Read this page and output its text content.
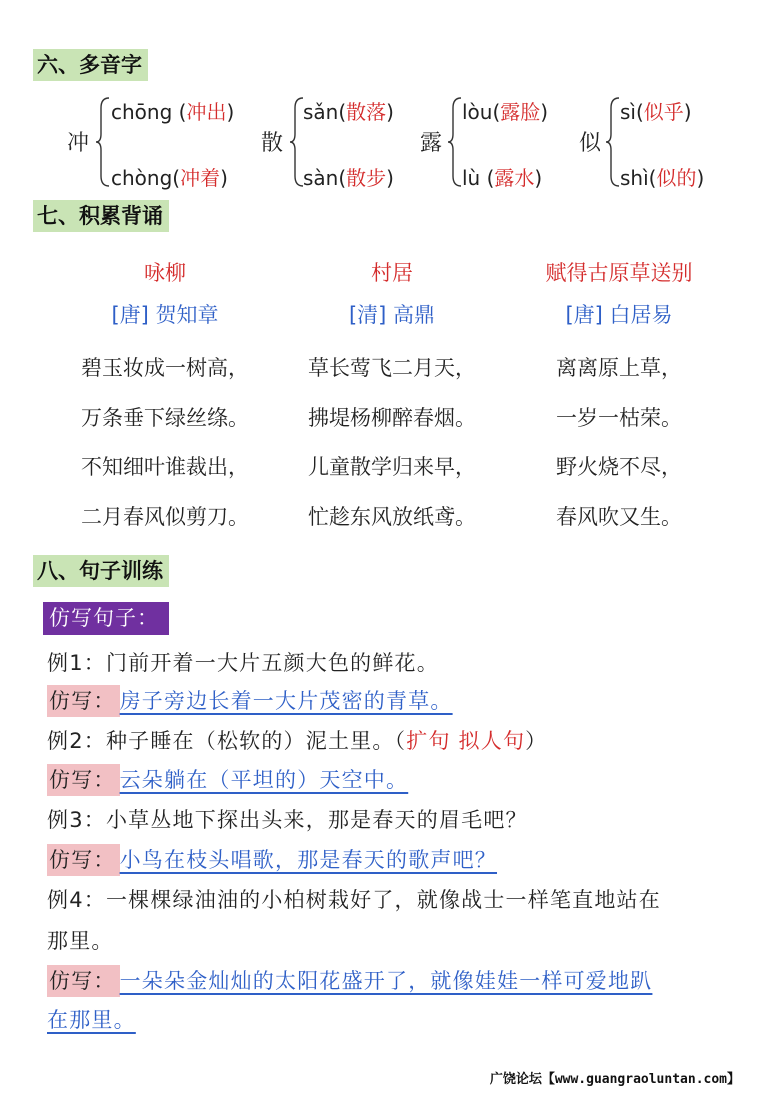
六、多音字
冲
chōng (冲出)
chòng(冲着)
散
sǎn(散落)
sàn(散步)
露
lòu(露脸)
lù (露水)
似
sì(似乎)
shì(似的)
七、积累背诵
咏柳
[唐] 贺知章
碧玉妆成一树高，
万条垂下绿丝绦。
不知细叶谁裁出，
二月春风似剪刀。
村居
[清] 高鼎
草长莺飞二月天，
拂堤杨柳醉春烟。
儿童散学归来早，
忙趁东风放纸鸢。
赋得古原草送别
[唐] 白居易
离离原上草，
一岁一枯荣。
野火烧不尽，
春风吹又生。
八、句子训练
仿写句子：
例1：门前开着一大片五颜大色的鲜花。
仿写： 房子旁边长着一大片茂密的青草。
例2：种子睡在（松软的）泥土里。（扩句 拟人句）
仿写： 云朵躺在（平坦的）天空中。
例3：小草丛地下探出头来，那是春天的眉毛吧？
仿写： 小鸟在枝头唱歌，那是春天的歌声吧？
例4：一棵棵绿油油的小柏树栽好了，就像战士一样笔直地站在
那里。
仿写： 一朵朵金灿灿的太阳花盛开了，就像娃娃一样可爱地趴
在那里。
广饶论坛【www.guangraoluntan.com】
